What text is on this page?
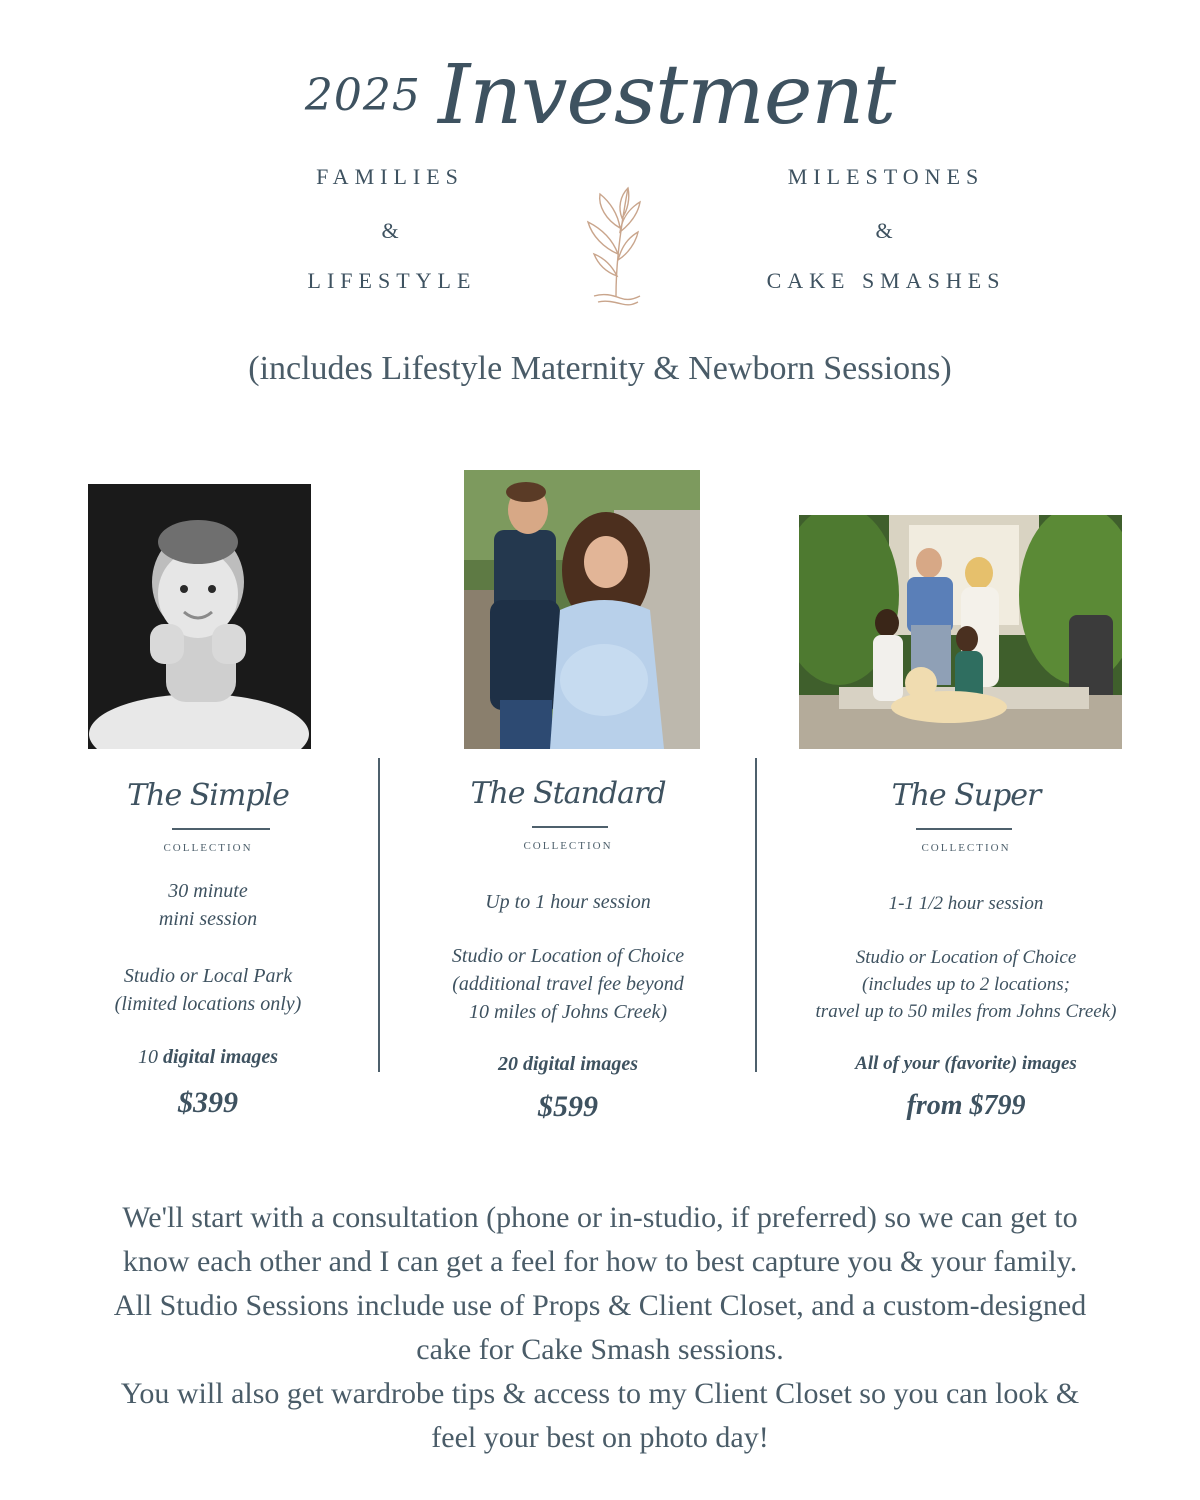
2025 Investment
FAMILIES
&
LIFESTYLE
MILESTONES
&
CAKE SMASHES
(includes Lifestyle Maternity & Newborn Sessions)
The Simple
COLLECTION
30 minute
mini session
Studio or Local Park
(limited locations only)
10 digital images
$399
The Standard
COLLECTION
Up to 1 hour session
Studio or Location of Choice
(additional travel fee beyond
10 miles of Johns Creek)
20 digital images
$599
The Super
COLLECTION
1-1 1/2 hour session
Studio or Location of Choice
(includes up to 2 locations;
travel up to 50 miles from Johns Creek)
All of your (favorite) images
from $799
We'll start with a consultation (phone or in-studio, if preferred) so we can get to
know each other and I can get a feel for how to best capture you & your family.
All Studio Sessions include use of Props & Client Closet, and a custom-designed
cake for Cake Smash sessions.
You will also get wardrobe tips & access to my Client Closet so you can look &
feel your best on photo day!
